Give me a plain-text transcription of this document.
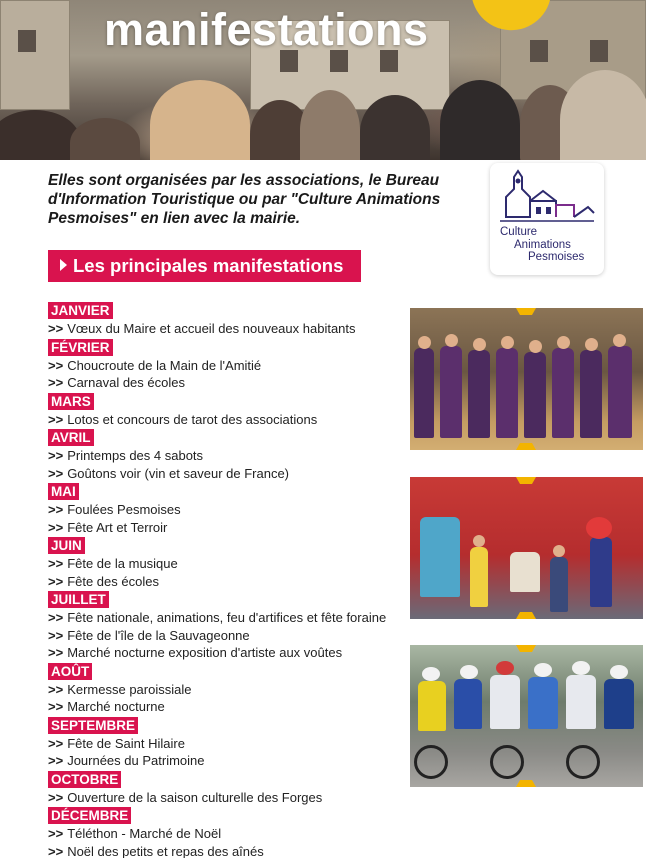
manifestations

Elles sont organisées par les associations, le Bureau d'Information Touristique ou par "Culture Animations Pesmoises" en lien avec la mairie.

Culture
Animations
Pesmoises
Les principales manifestations
JANVIER
>> Vœux du Maire et accueil des nouveaux habitants
FÉVRIER
>> Choucroute de la Main de l'Amitié
>> Carnaval des écoles
MARS
>> Lotos et concours de tarot des associations
AVRIL
>> Printemps des 4 sabots
>> Goûtons voir (vin et saveur de France)
MAI
>> Foulées Pesmoises
>> Fête Art et Terroir
JUIN
>> Fête de la musique
>> Fête des écoles
JUILLET
>> Fête nationale, animations, feu d'artifices et fête foraine
>> Fête de l'île de la Sauvageonne
>> Marché nocturne exposition d'artiste aux voûtes
AOÛT
>> Kermesse paroissiale
>> Marché nocturne
SEPTEMBRE
>> Fête de Saint Hilaire
>> Journées du Patrimoine
OCTOBRE
>> Ouverture de la saison culturelle des Forges
DÉCEMBRE
>> Téléthon - Marché de Noël
>> Noël des petits et repas des aînés
